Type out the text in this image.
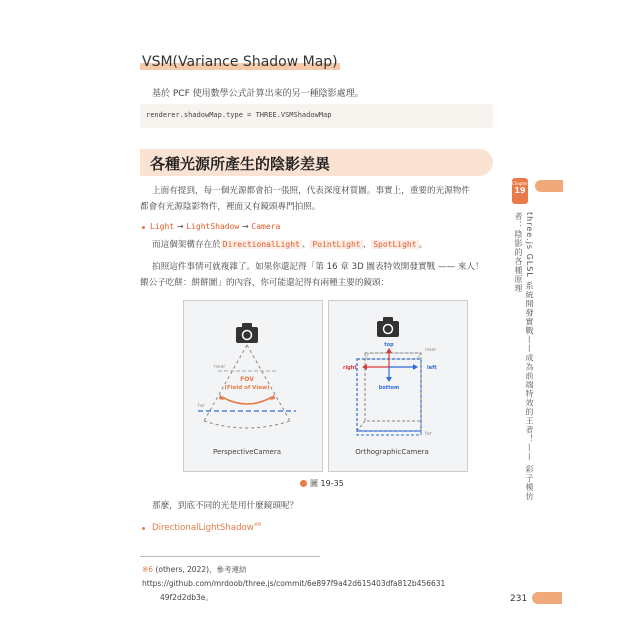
VSM(Variance Shadow Map)
基於 PCF 使用數學公式計算出來的另一種陰影處理。
renderer.shadowMap.type = THREE.VSMShadowMap
各種光源所產生的陰影差異
上面有提到，每一個光源都會拍一張照，代表深度材質圖。事實上，重要的光源物件
都會有光源陰影物件，裡面又有鏡頭專門拍照。
Light → LightShadow → Camera
而這個架構存在於 DirectionalLight 、 PointLight 、 SpotLight 。
拍照這件事情可就複雜了。如果你還記得「第 16 章 3D 圖表特效開發實戰 —— 來人！
餵公子吃餅：餅餅圖」的內容，你可能還記得有兩種主要的鏡頭：
near
far
FOV
(Field of View)
PerspectiveCamera
top
near
right	left
bottom
far
OrthographicCamera
圖 19-35
那麼，到底不同的光是用什麼鏡頭呢？
DirectionalLightShadow$^{※6}$
※6 (others, 2022)，參考連結 https://github.com/mrdoob/three.js/commit/6e897f9a42d615403dfa812b456631
49f2d2db3e。	231
Chapter
19
three.js GLSL 系統開發實戰——成為前端特效的王者！—— 彩子模仿者：陰影的各種原理
